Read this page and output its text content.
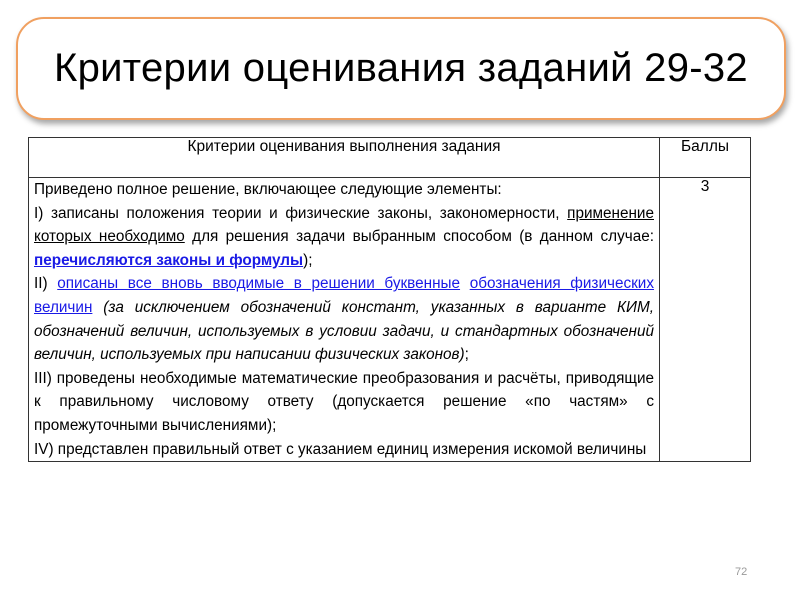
Критерии оценивания заданий 29-32
Критерии оценивания выполнения задания	Баллы

Приведено полное решение, включающее следующие элементы:

I) записаны положения теории и физические законы, закономерности, применение которых необходимо для решения задачи выбранным способом (в данном случае: перечисляются законы и формулы);

II) описаны все вновь вводимые в решении буквенные обозначения физических величин (за исключением обозначений констант, указанных в варианте КИМ, обозначений величин, используемых в условии задачи, и стандартных обозначений величин, используемых при написании физических законов);

III) проведены необходимые математические преобразования и расчёты, приводящие к правильному числовому ответу (допускается решение «по частям» с промежуточными вычислениями);

IV) представлен правильный ответ с указанием единиц измерения искомой величины	3
72
